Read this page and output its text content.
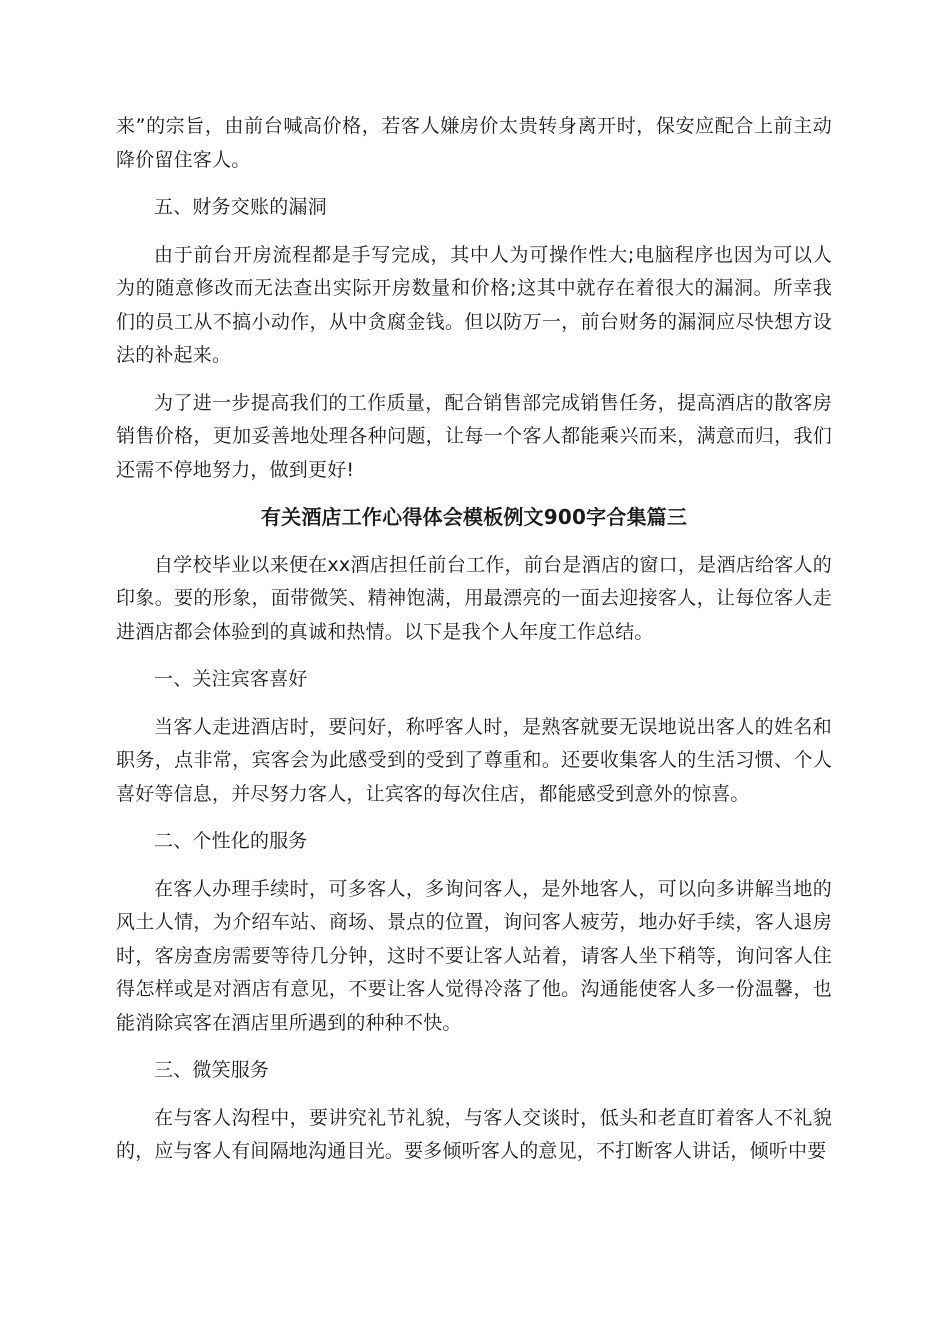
来”的宗旨，由前台喊高价格，若客人嫌房价太贵转身离开时，保安应配合上前主动降价留住客人。

五、财务交账的漏洞

由于前台开房流程都是手写完成，其中人为可操作性大;电脑程序也因为可以人为的随意修改而无法查出实际开房数量和价格;这其中就存在着很大的漏洞。所幸我们的员工从不搞小动作，从中贪腐金钱。但以防万一，前台财务的漏洞应尽快想方设法的补起来。

为了进一步提高我们的工作质量，配合销售部完成销售任务，提高酒店的散客房销售价格，更加妥善地处理各种问题，让每一个客人都能乘兴而来，满意而归，我们还需不停地努力，做到更好!

有关酒店工作心得体会模板例文900字合集篇三

自学校毕业以来便在xx酒店担任前台工作，前台是酒店的窗口，是酒店给客人的印象。要的形象，面带微笑、精神饱满，用最漂亮的一面去迎接客人，让每位客人走进酒店都会体验到的真诚和热情。以下是我个人年度工作总结。

一、关注宾客喜好

当客人走进酒店时，要问好，称呼客人时，是熟客就要无误地说出客人的姓名和职务，点非常，宾客会为此感受到的受到了尊重和。还要收集客人的生活习惯、个人喜好等信息，并尽努力客人，让宾客的每次住店，都能感受到意外的惊喜。

二、个性化的服务

在客人办理手续时，可多客人，多询问客人，是外地客人，可以向多讲解当地的风土人情，为介绍车站、商场、景点的位置，询问客人疲劳，地办好手续，客人退房时，客房查房需要等待几分钟，这时不要让客人站着，请客人坐下稍等，询问客人住得怎样或是对酒店有意见，不要让客人觉得冷落了他。沟通能使客人多一份温馨，也能消除宾客在酒店里所遇到的种种不快。

三、微笑服务

在与客人沟程中，要讲究礼节礼貌，与客人交谈时，低头和老直盯着客人不礼貌的，应与客人有间隔地沟通目光。要多倾听客人的意见，不打断客人讲话，倾听中要
